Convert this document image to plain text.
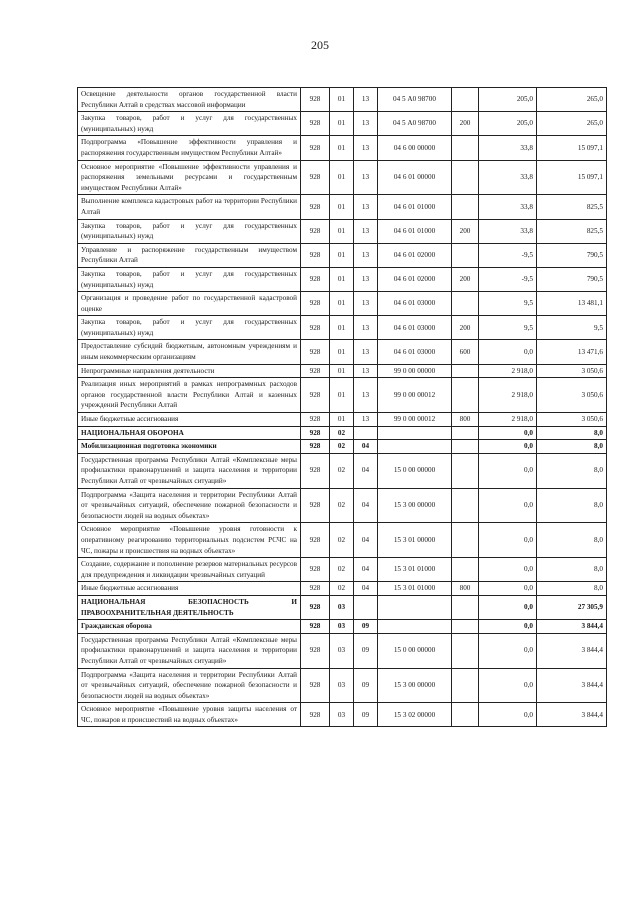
205
Освещение деятельности органов государственной власти Республики Алтай в средствах массовой информации	928	01	13	04 5 А0 98700		205,0	265,0
Закупка товаров, работ и услуг для государственных (муниципальных) нужд	928	01	13	04 5 А0 98700	200	205,0	265,0
Подпрограмма «Повышение эффективности управления и распоряжения государственным имуществом Республики Алтай»	928	01	13	04 6 00 00000		33,8	15 097,1
Основное мероприятие «Повышение эффективности управления и распоряжения земельными ресурсами и государственным имуществом Республики Алтай»	928	01	13	04 6 01 00000		33,8	15 097,1
Выполнение комплекса кадастровых работ на территории Республики Алтай	928	01	13	04 6 01 01000		33,8	825,5
Закупка товаров, работ и услуг для государственных (муниципальных) нужд	928	01	13	04 6 01 01000	200	33,8	825,5
Управление и распоряжение государственным имуществом Республики Алтай	928	01	13	04 6 01 02000		-9,5	790,5
Закупка товаров, работ и услуг для государственных (муниципальных) нужд	928	01	13	04 6 01 02000	200	-9,5	790,5
Организация и проведение работ по государственной кадастровой оценке	928	01	13	04 6 01 03000		9,5	13 481,1
Закупка товаров, работ и услуг для государственных (муниципальных) нужд	928	01	13	04 6 01 03000	200	9,5	9,5
Предоставление субсидий бюджетным, автономным учреждениям и иным некоммерческим организациям	928	01	13	04 6 01 03000	600	0,0	13 471,6
Непрограммные направления деятельности	928	01	13	99 0 00 00000		2 918,0	3 050,6
Реализация иных мероприятий в рамках непрограммных расходов органов государственной власти Республики Алтай и казенных учреждений Республики Алтай	928	01	13	99 0 00 00012		2 918,0	3 050,6
Иные бюджетные ассигнования	928	01	13	99 0 00 00012	800	2 918,0	3 050,6
НАЦИОНАЛЬНАЯ ОБОРОНА	928	02				0,0	8,0
Мобилизационная подготовка экономики	928	02	04			0,0	8,0
Государственная программа Республики Алтай «Комплексные меры профилактики правонарушений и защита населения и территории Республики Алтай от чрезвычайных ситуаций»	928	02	04	15 0 00 00000		0,0	8,0
Подпрограмма «Защита населения и территории Республики Алтай от чрезвычайных ситуаций, обеспечение пожарной безопасности и безопасности людей на водных объектах»	928	02	04	15 3 00 00000		0,0	8,0
Основное мероприятие «Повышение уровня готовности к оперативному реагированию территориальных подсистем РСЧС на ЧС, пожары и происшествия на водных объектах»	928	02	04	15 3 01 00000		0,0	8,0
Создание, содержание и пополнение резервов материальных ресурсов для предупреждения и ликвидации чрезвычайных ситуаций	928	02	04	15 3 01 01000		0,0	8,0
Иные бюджетные ассигнования	928	02	04	15 3 01 01000	800	0,0	8,0
НАЦИОНАЛЬНАЯ БЕЗОПАСНОСТЬ И ПРАВООХРАНИТЕЛЬНАЯ ДЕЯТЕЛЬНОСТЬ	928	03				0,0	27 305,9
Гражданская оборона	928	03	09			0,0	3 844,4
Государственная программа Республики Алтай «Комплексные меры профилактики правонарушений и защита населения и территории Республики Алтай от чрезвычайных ситуаций»	928	03	09	15 0 00 00000		0,0	3 844,4
Подпрограмма «Защита населения и территории Республики Алтай от чрезвычайных ситуаций, обеспечение пожарной безопасности и безопасности людей на водных объектах»	928	03	09	15 3 00 00000		0,0	3 844,4
Основное мероприятие «Повышение уровня защиты населения от ЧС, пожаров и происшествий на водных объектах»	928	03	09	15 3 02 00000		0,0	3 844,4
